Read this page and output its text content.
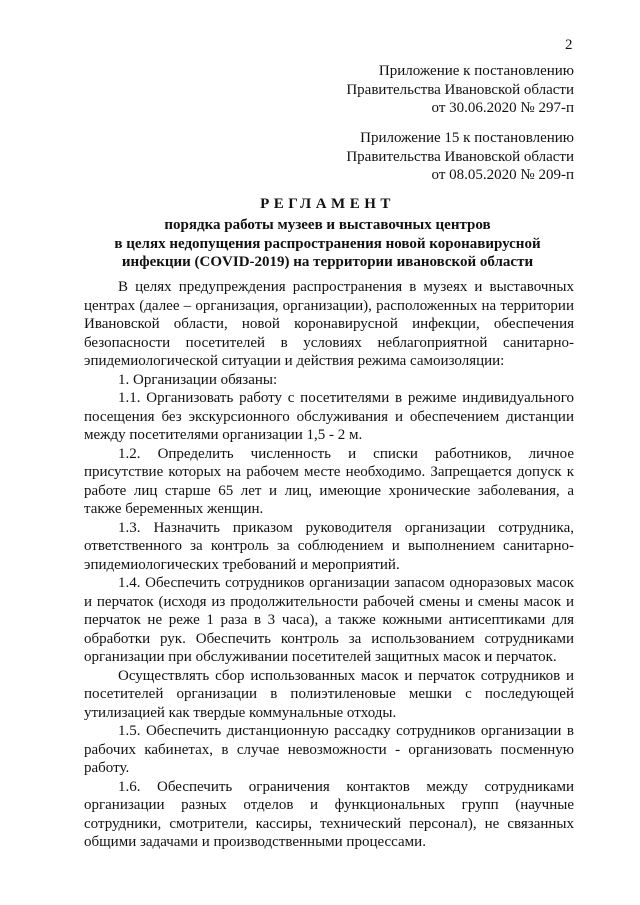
2

Приложение к постановлению

Правительства Ивановской области

от 30.06.2020 № 297-п

Приложение 15 к постановлению

Правительства Ивановской области

от 08.05.2020 № 209-п

РЕГЛАМЕНТ

порядка работы музеев и выставочных центров

в целях недопущения распространения новой коронавирусной

инфекции (COVID-2019) на территории ивановской области

В целях предупреждения распространения в музеях и выставочных центрах (далее – организация, организации), расположенных на территории Ивановской области, новой коронавирусной инфекции, обеспечения безопасности посетителей в условиях неблагоприятной санитарно-эпидемиологической ситуации и действия режима самоизоляции:

1. Организации обязаны:

1.1. Организовать работу с посетителями в режиме индивидуального посещения без экскурсионного обслуживания и обеспечением дистанции между посетителями организации 1,5 - 2 м.

1.2. Определить численность и списки работников, личное присутствие которых на рабочем месте необходимо. Запрещается допуск к работе лиц старше 65 лет и лиц, имеющие хронические заболевания, а также беременных женщин.

1.3. Назначить приказом руководителя организации сотрудника, ответственного за контроль за соблюдением и выполнением санитарно-эпидемиологических требований и мероприятий.

1.4. Обеспечить сотрудников организации запасом одноразовых масок и перчаток (исходя из продолжительности рабочей смены и смены масок и перчаток не реже 1 раза в 3 часа), а также кожными антисептиками для обработки рук. Обеспечить контроль за использованием сотрудниками организации при обслуживании посетителей защитных масок и перчаток.

Осуществлять сбор использованных масок и перчаток сотрудников и посетителей организации в полиэтиленовые мешки с последующей утилизацией как твердые коммунальные отходы.

1.5. Обеспечить дистанционную рассадку сотрудников организации в рабочих кабинетах, в случае невозможности - организовать посменную работу.

1.6. Обеспечить ограничения контактов между сотрудниками организации разных отделов и функциональных групп (научные сотрудники, смотрители, кассиры, технический персонал), не связанных общими задачами и производственными процессами.
